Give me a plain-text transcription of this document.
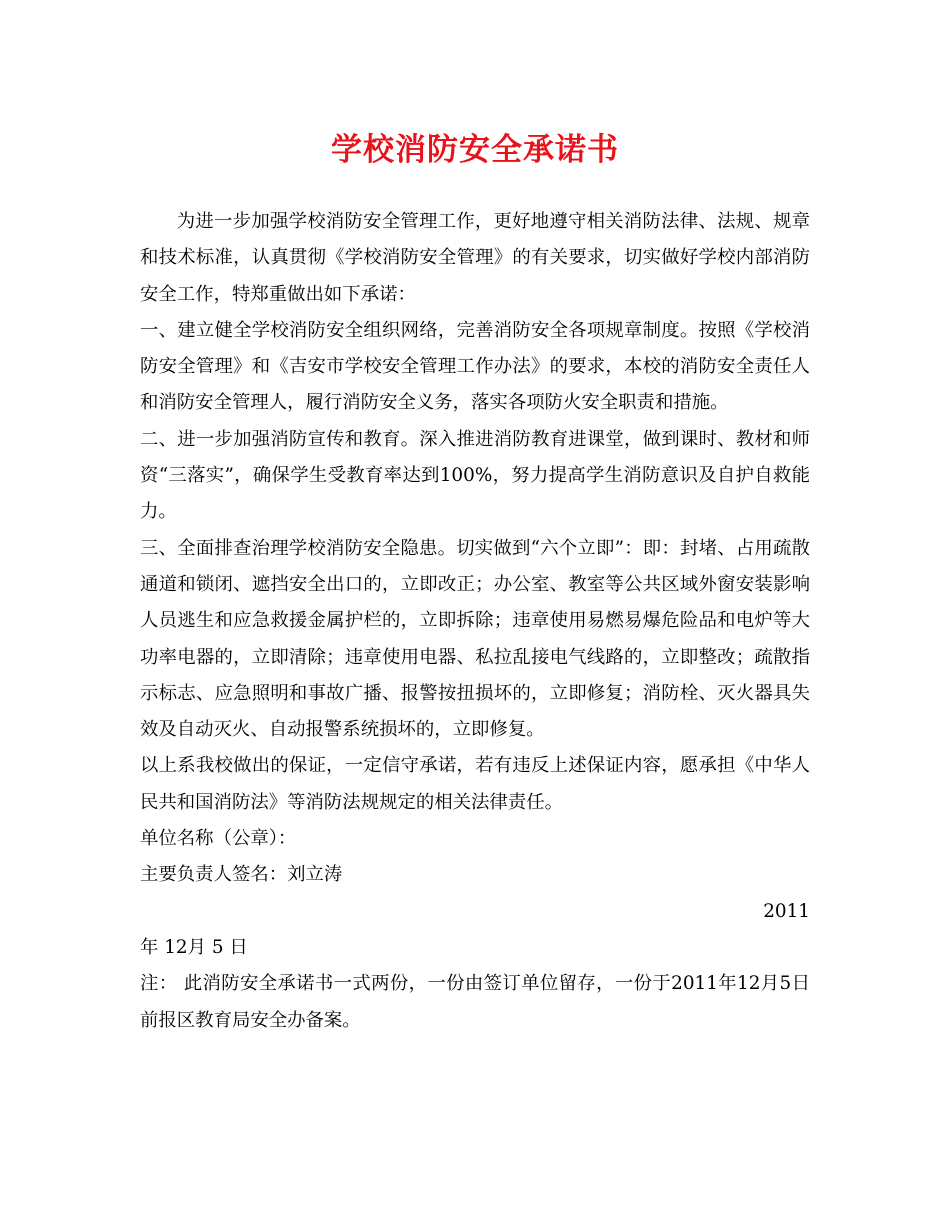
学校消防安全承诺书

为进一步加强学校消防安全管理工作，更好地遵守相关消防法律、法规、规章和技术标准，认真贯彻《学校消防安全管理》的有关要求，切实做好学校内部消防安全工作，特郑重做出如下承诺：

一、建立健全学校消防安全组织网络，完善消防安全各项规章制度。按照《学校消防安全管理》和《吉安市学校安全管理工作办法》的要求，本校的消防安全责任人和消防安全管理人，履行消防安全义务，落实各项防火安全职责和措施。

二、进一步加强消防宣传和教育。深入推进消防教育进课堂，做到课时、教材和师资“三落实”，确保学生受教育率达到100%，努力提高学生消防意识及自护自救能力。

三、全面排查治理学校消防安全隐患。切实做到“六个立即”：即：封堵、占用疏散通道和锁闭、遮挡安全出口的，立即改正；办公室、教室等公共区域外窗安装影响人员逃生和应急救援金属护栏的，立即拆除；违章使用易燃易爆危险品和电炉等大功率电器的，立即清除；违章使用电器、私拉乱接电气线路的，立即整改；疏散指示标志、应急照明和事故广播、报警按扭损坏的，立即修复；消防栓、灭火器具失效及自动灭火、自动报警系统损坏的，立即修复。

以上系我校做出的保证，一定信守承诺，若有违反上述保证内容，愿承担《中华人民共和国消防法》等消防法规规定的相关法律责任。

单位名称（公章）：

主要负责人签名：刘立涛

2011

年 12月 5 日

注： 此消防安全承诺书一式两份，一份由签订单位留存，一份于2011年12月5日前报区教育局安全办备案。
